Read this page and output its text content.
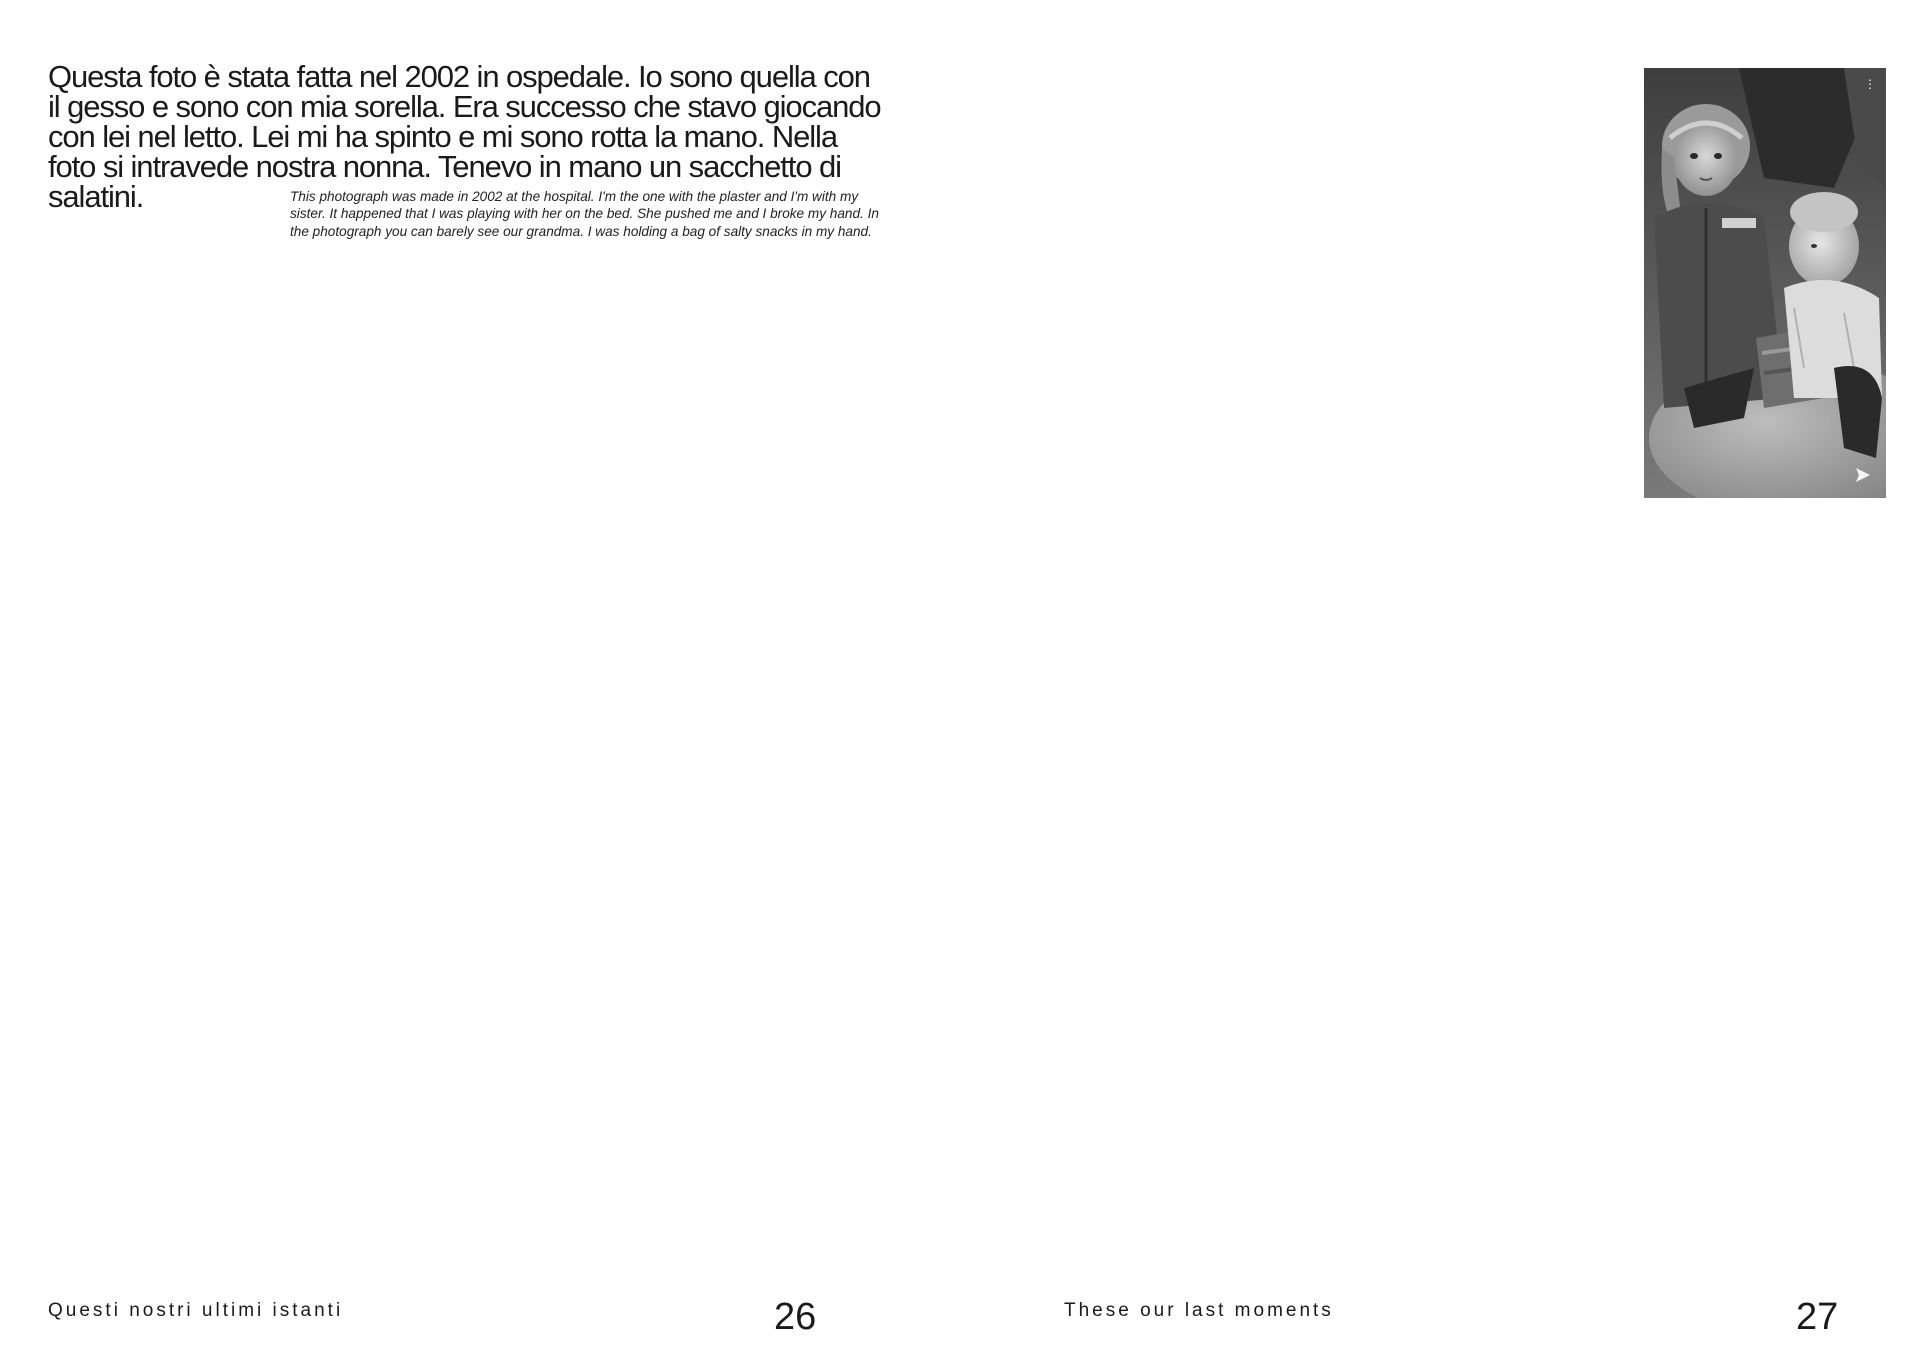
Questa foto è stata fatta nel 2002 in ospedale. Io sono quella con il gesso e sono con mia sorella. Era successo che stavo giocando con lei nel letto. Lei mi ha spinto e mi sono rotta la mano. Nella foto si intravede nostra nonna. Tenevo in mano un sacchetto di salatini.	This photograph was made in 2002 at the hospital. I'm the one with the plaster and I'm with my sister. It happened that I was playing with her on the bed. She pushed me and I broke my hand. In the photograph you can barely see our grandma. I was holding a bag of salty snacks in my hand.

⋮
Questi nostri ultimi istanti	26	These our last moments	27
